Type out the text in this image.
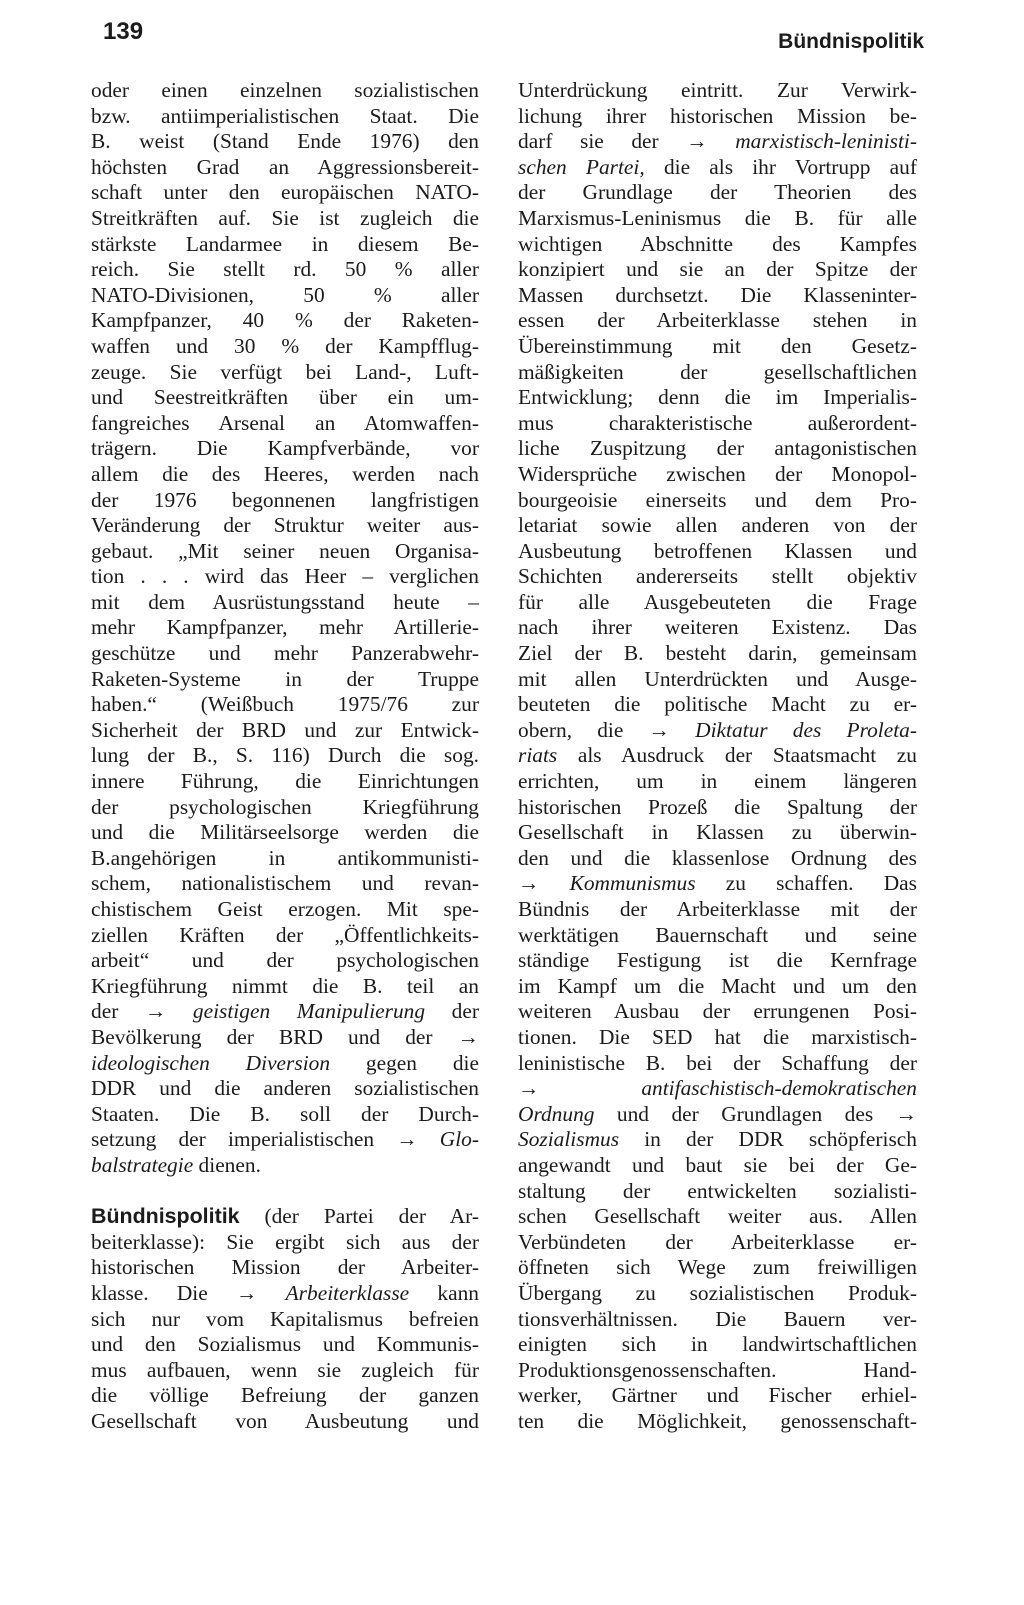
139	Bündnispolitik
oder einen einzelnen sozialistischen
bzw. antiimperialistischen Staat. Die
B. weist (Stand Ende 1976) den
höchsten Grad an Aggressionsbereit-
schaft unter den europäischen NATO-
Streitkräften auf. Sie ist zugleich die
stärkste Landarmee in diesem Be-
reich. Sie stellt rd. 50 % aller
NATO-Divisionen, 50 % aller
Kampfpanzer, 40 % der Raketen-
waffen und 30 % der Kampfflug-
zeuge. Sie verfügt bei Land-, Luft-
und Seestreitkräften über ein um-
fangreiches Arsenal an Atomwaffen-
trägern. Die Kampfverbände, vor
allem die des Heeres, werden nach
der 1976 begonnenen langfristigen
Veränderung der Struktur weiter aus-
gebaut. „Mit seiner neuen Organisa-
tion . . . wird das Heer – verglichen
mit dem Ausrüstungsstand heute –
mehr Kampfpanzer, mehr Artillerie-
geschütze und mehr Panzerabwehr-
Raketen-Systeme in der Truppe
haben.“ (Weißbuch 1975/76 zur
Sicherheit der BRD und zur Entwick-
lung der B., S. 116) Durch die sog.
innere Führung, die Einrichtungen
der psychologischen Kriegführung
und die Militärseelsorge werden die
B.angehörigen in antikommunisti-
schem, nationalistischem und revan-
chistischem Geist erzogen. Mit spe-
ziellen Kräften der „Öffentlichkeits-
arbeit“ und der psychologischen
Kriegführung nimmt die B. teil an
der → geistigen Manipulierung der
Bevölkerung der BRD und der →
ideologischen Diversion gegen die
DDR und die anderen sozialistischen
Staaten. Die B. soll der Durch-
setzung der imperialistischen → Glo-
balstrategie dienen.
Bündnispolitik (der Partei der Ar-
beiterklasse): Sie ergibt sich aus der
historischen Mission der Arbeiter-
klasse. Die → Arbeiterklasse kann
sich nur vom Kapitalismus befreien
und den Sozialismus und Kommunis-
mus aufbauen, wenn sie zugleich für
die völlige Befreiung der ganzen
Gesellschaft von Ausbeutung und
Unterdrückung eintritt. Zur Verwirk-
lichung ihrer historischen Mission be-
darf sie der → marxistisch-leninisti-
schen Partei, die als ihr Vortrupp auf
der Grundlage der Theorien des
Marxismus-Leninismus die B. für alle
wichtigen Abschnitte des Kampfes
konzipiert und sie an der Spitze der
Massen durchsetzt. Die Klasseninter-
essen der Arbeiterklasse stehen in
Übereinstimmung mit den Gesetz-
mäßigkeiten der gesellschaftlichen
Entwicklung; denn die im Imperialis-
mus charakteristische außerordent-
liche Zuspitzung der antagonistischen
Widersprüche zwischen der Monopol-
bourgeoisie einerseits und dem Pro-
letariat sowie allen anderen von der
Ausbeutung betroffenen Klassen und
Schichten andererseits stellt objektiv
für alle Ausgebeuteten die Frage
nach ihrer weiteren Existenz. Das
Ziel der B. besteht darin, gemeinsam
mit allen Unterdrückten und Ausge-
beuteten die politische Macht zu er-
obern, die → Diktatur des Proleta-
riats als Ausdruck der Staatsmacht zu
errichten, um in einem längeren
historischen Prozeß die Spaltung der
Gesellschaft in Klassen zu überwin-
den und die klassenlose Ordnung des
→ Kommunismus zu schaffen. Das
Bündnis der Arbeiterklasse mit der
werktätigen Bauernschaft und seine
ständige Festigung ist die Kernfrage
im Kampf um die Macht und um den
weiteren Ausbau der errungenen Posi-
tionen. Die SED hat die marxistisch-
leninistische B. bei der Schaffung der
→ antifaschistisch-demokratischen
Ordnung und der Grundlagen des →
Sozialismus in der DDR schöpferisch
angewandt und baut sie bei der Ge-
staltung der entwickelten sozialisti-
schen Gesellschaft weiter aus. Allen
Verbündeten der Arbeiterklasse er-
öffneten sich Wege zum freiwilligen
Übergang zu sozialistischen Produk-
tionsverhältnissen. Die Bauern ver-
einigten sich in landwirtschaftlichen
Produktionsgenossenschaften. Hand-
werker, Gärtner und Fischer erhiel-
ten die Möglichkeit, genossenschaft-
